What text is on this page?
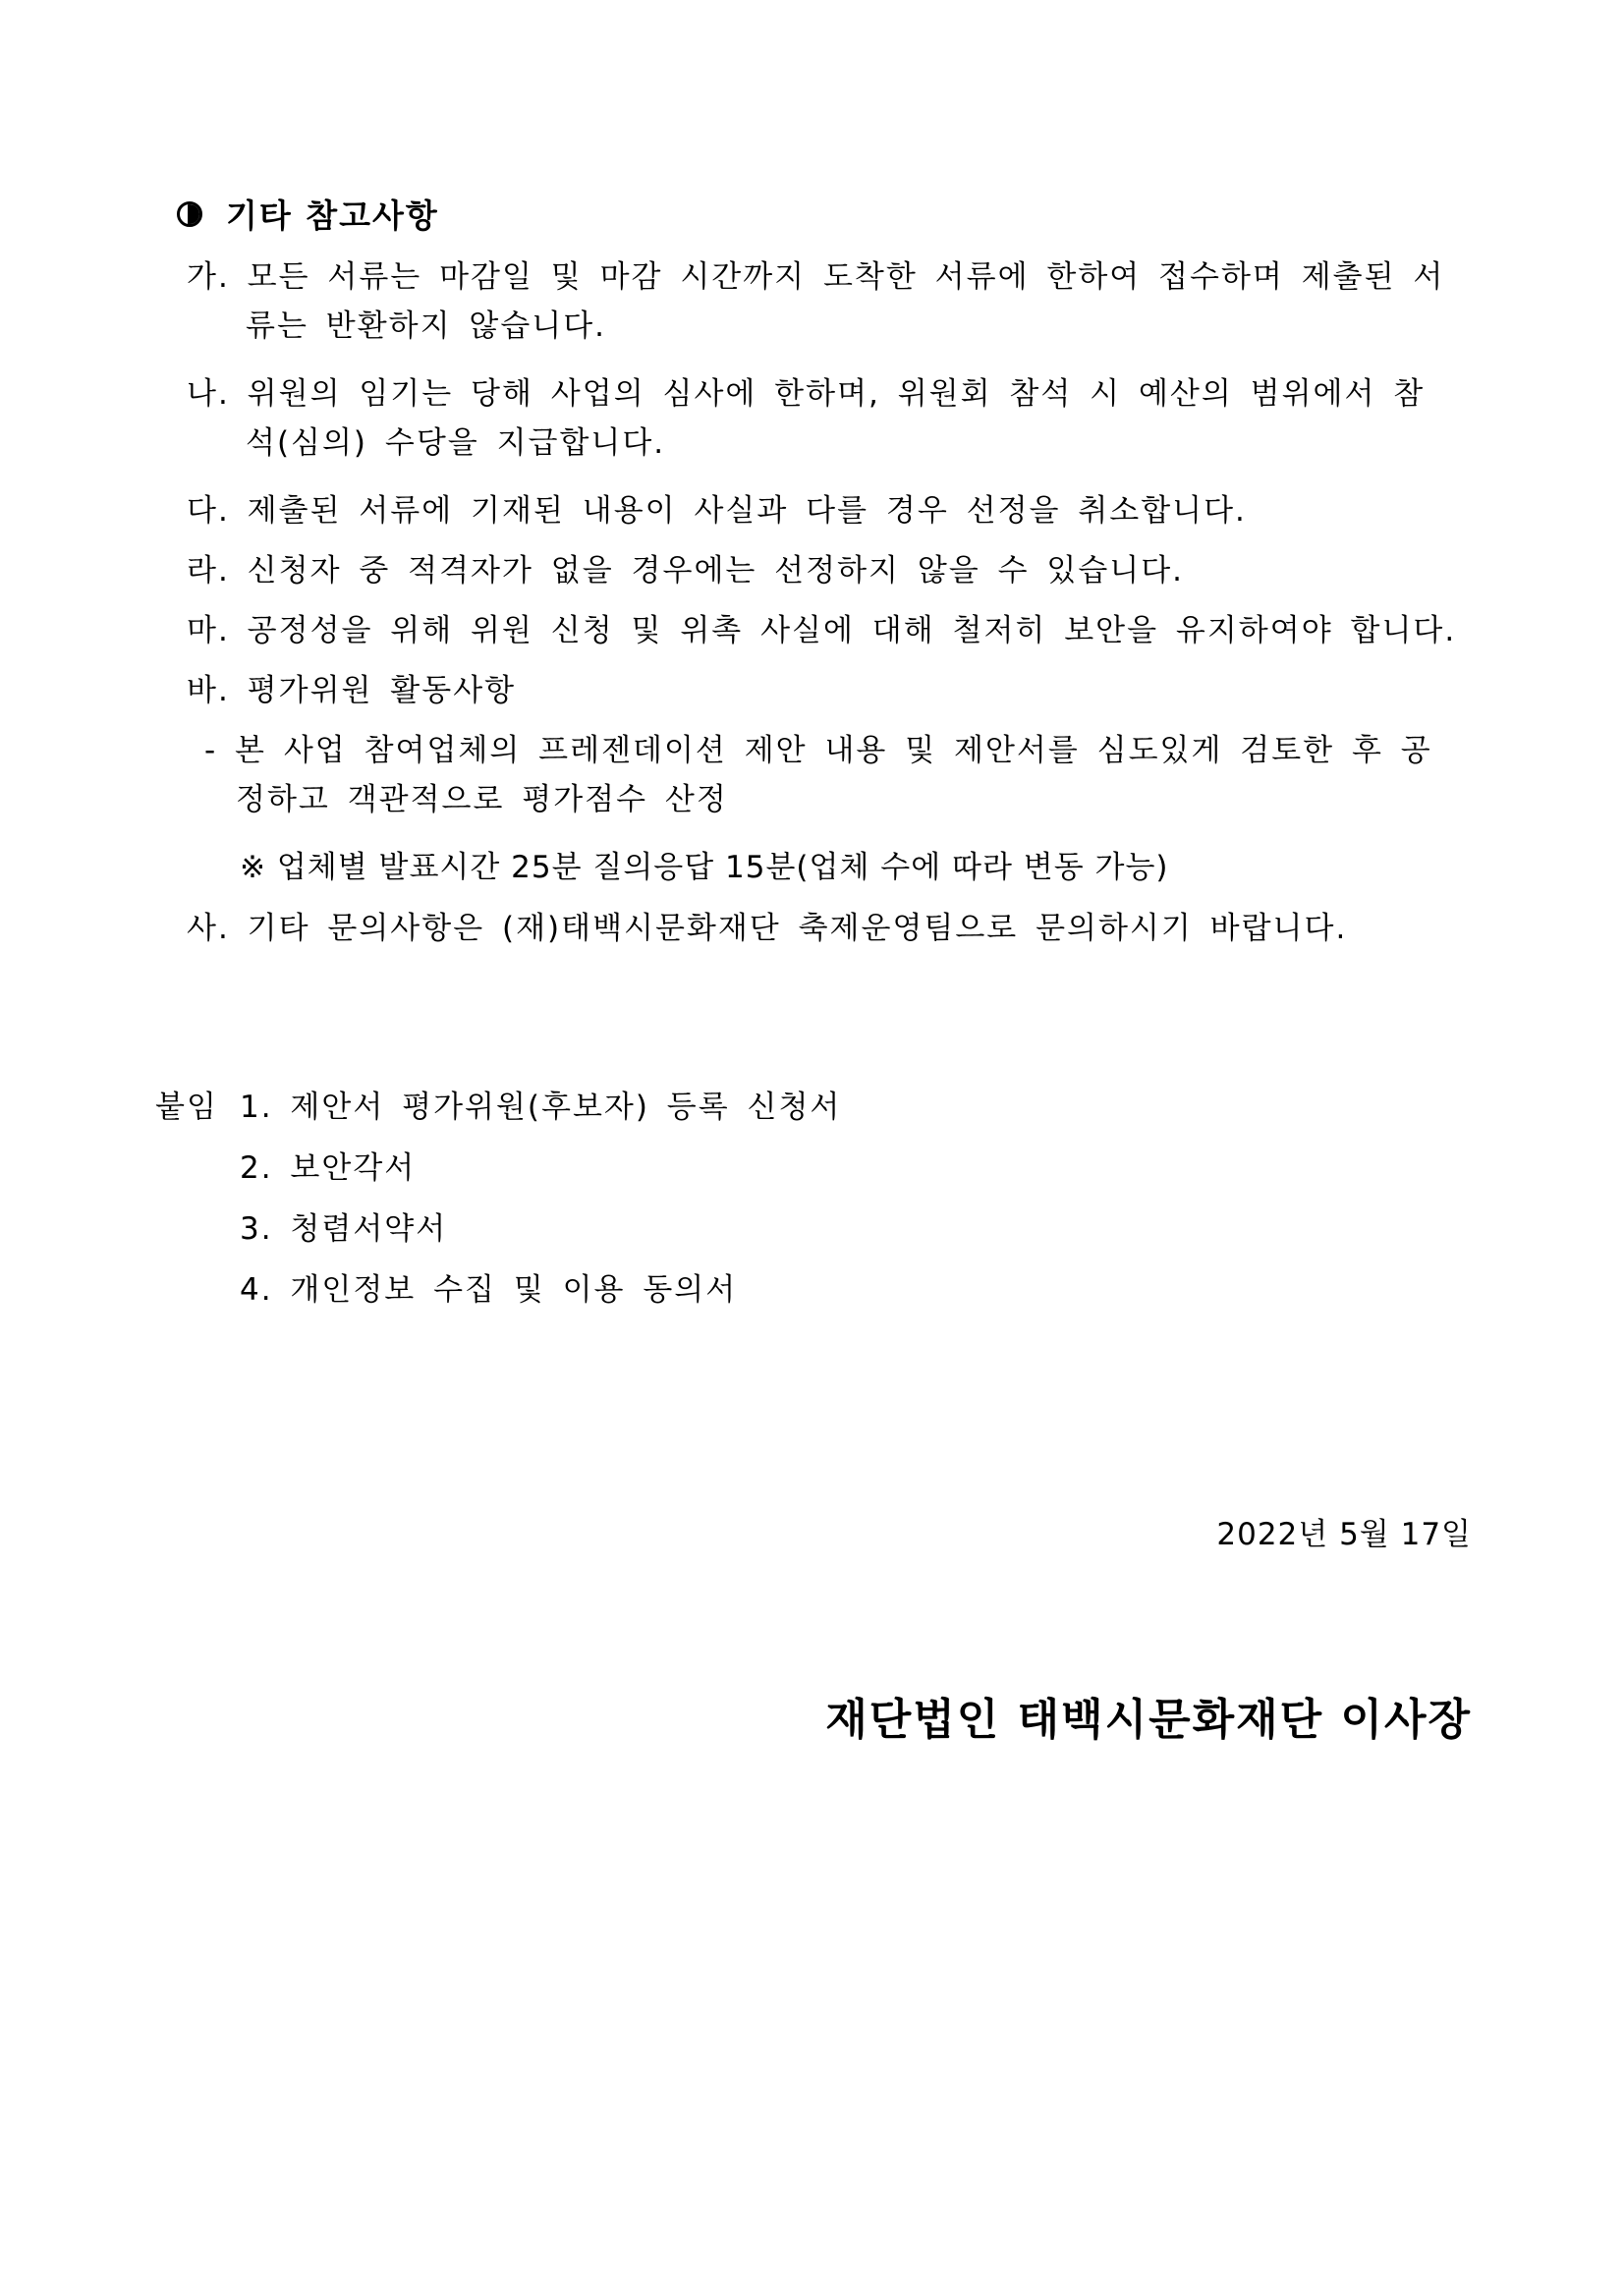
기타 참고사항
가. 모든 서류는 마감일 및 마감 시간까지 도착한 서류에 한하여 접수하며 제출된 서
류는 반환하지 않습니다.
나. 위원의 임기는 당해 사업의 심사에 한하며, 위원회 참석 시 예산의 범위에서 참
석(심의) 수당을 지급합니다.
다. 제출된 서류에 기재된 내용이 사실과 다를 경우 선정을 취소합니다.
라. 신청자 중 적격자가 없을 경우에는 선정하지 않을 수 있습니다.
마. 공정성을 위해 위원 신청 및 위촉 사실에 대해 철저히 보안을 유지하여야 합니다.
바. 평가위원 활동사항
- 본 사업 참여업체의 프레젠데이션 제안 내용 및 제안서를 심도있게 검토한 후 공
정하고 객관적으로 평가점수 산정
※ 업체별 발표시간 25분 질의응답 15분(업체 수에 따라 변동 가능)
사. 기타 문의사항은 (재)태백시문화재단 축제운영팀으로 문의하시기 바랍니다.
붙임 1. 제안서 평가위원(후보자) 등록 신청서
2. 보안각서
3. 청렴서약서
4. 개인정보 수집 및 이용 동의서
2022년 5월 17일
재단법인 태백시문화재단 이사장
